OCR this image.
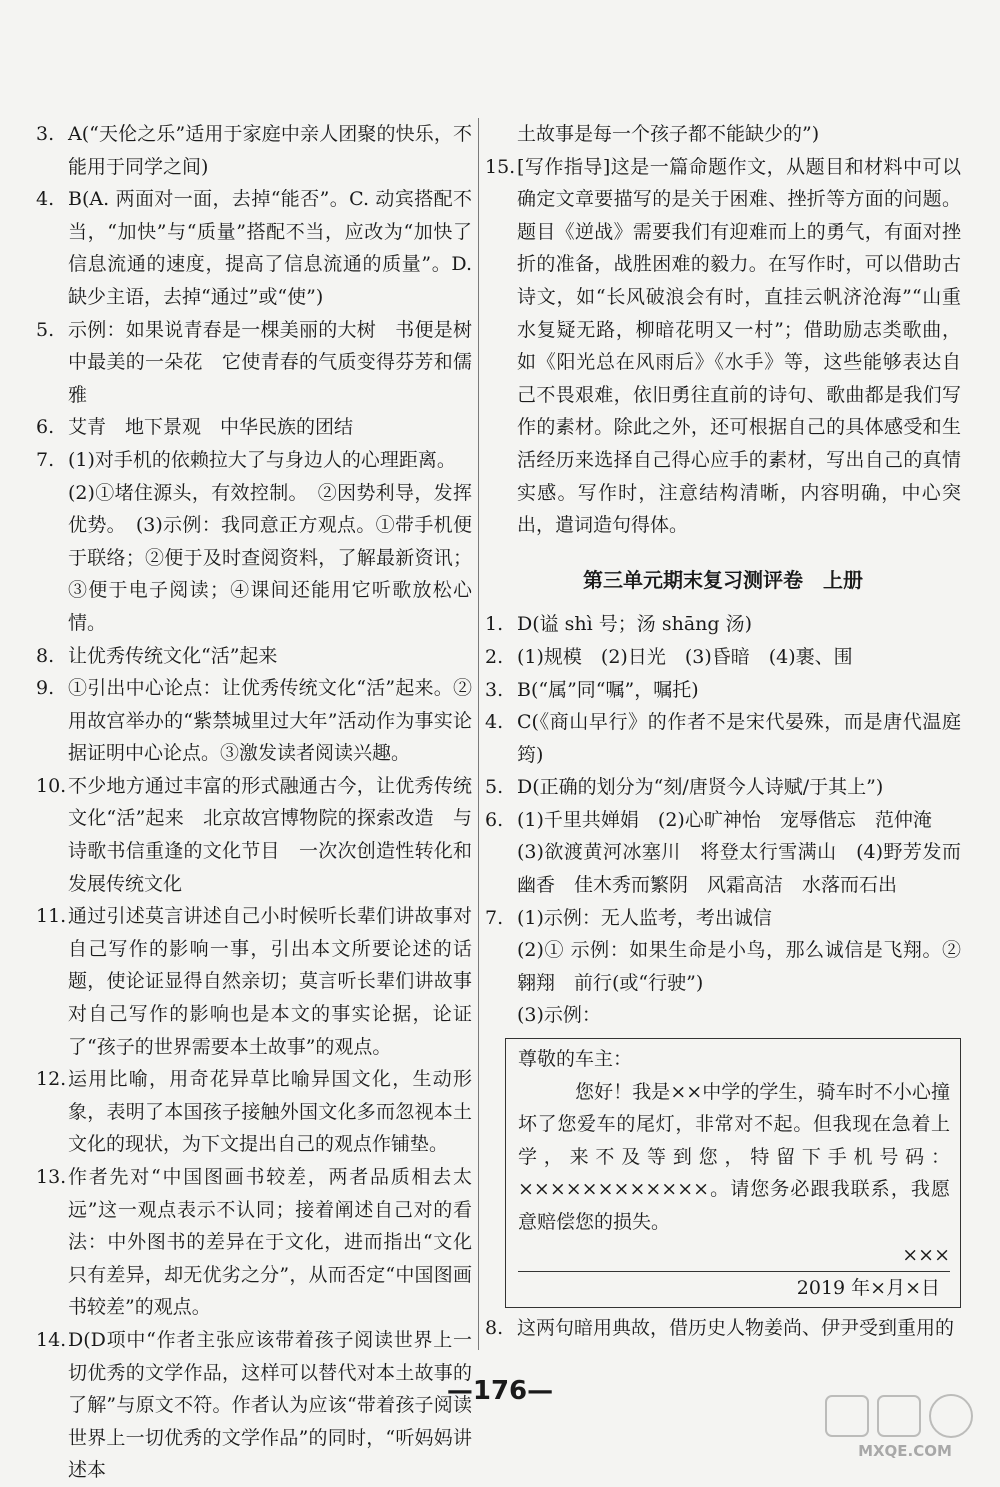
3. A(“天伦之乐”适用于家庭中亲人团聚的快乐，不能用于同学之间)
4. B(A. 两面对一面，去掉“能否”。C. 动宾搭配不当，“加快”与“质量”搭配不当，应改为“加快了信息流通的速度，提高了信息流通的质量”。D. 缺少主语，去掉“通过”或“使”)
5. 示例：如果说青春是一棵美丽的大树　书便是树中最美的一朵花　它使青春的气质变得芬芳和儒雅
6. 艾青　地下景观　中华民族的团结
7. (1)对手机的依赖拉大了与身边人的心理距离。
(2)①堵住源头，有效控制。　②因势利导，发挥优势。　(3)示例：我同意正方观点。①带手机便于联络；②便于及时查阅资料，了解最新资讯；③便于电子阅读；④课间还能用它听歌放松心情。
8. 让优秀传统文化“活”起来
9. ①引出中心论点：让优秀传统文化“活”起来。②用故宫举办的“紫禁城里过大年”活动作为事实论据证明中心论点。③激发读者阅读兴趣。
10. 不少地方通过丰富的形式融通古今，让优秀传统文化“活”起来　北京故宫博物院的探索改造　与诗歌书信重逢的文化节目　一次次创造性转化和发展传统文化
11. 通过引述莫言讲述自己小时候听长辈们讲故事对自己写作的影响一事，引出本文所要论述的话题，使论证显得自然亲切；莫言听长辈们讲故事对自己写作的影响也是本文的事实论据，论证了“孩子的世界需要本土故事”的观点。
12. 运用比喻，用奇花异草比喻异国文化，生动形象，表明了本国孩子接触外国文化多而忽视本土文化的现状，为下文提出自己的观点作铺垫。
13. 作者先对“中国图画书较差，两者品质相去太远”这一观点表示不认同；接着阐述自己对的看法：中外图书的差异在于文化，进而指出“文化只有差异，却无优劣之分”，从而否定“中国图画书较差”的观点。
14. D(D项中“作者主张应该带着孩子阅读世界上一切优秀的文学作品，这样可以替代对本土故事的了解”与原文不符。作者认为应该“带着孩子阅读世界上一切优秀的文学作品”的同时，“听妈妈讲述本
土故事是每一个孩子都不能缺少的”)
15. [写作指导]这是一篇命题作文，从题目和材料中可以确定文章要描写的是关于困难、挫折等方面的问题。题目《逆战》需要我们有迎难而上的勇气，有面对挫折的准备，战胜困难的毅力。在写作时，可以借助古诗文，如“长风破浪会有时，直挂云帆济沧海”“山重水复疑无路，柳暗花明又一村”；借助励志类歌曲，如《阳光总在风雨后》《水手》等，这些能够表达自己不畏艰难，依旧勇往直前的诗句、歌曲都是我们写作的素材。除此之外，还可根据自己的具体感受和生活经历来选择自己得心应手的素材，写出自己的真情实感。写作时，注意结构清晰，内容明确，中心突出，遣词造句得体。
第三单元期末复习测评卷　上册
1. D(谥 shì 号；汤 shāng 汤)
2. (1)规模　(2)日光　(3)昏暗　(4)裹、围
3. B(“属”同“嘱”，嘱托)
4. C(《商山早行》的作者不是宋代晏殊，而是唐代温庭筠)
5. D(正确的划分为“刻/唐贤今人诗赋/于其上”)
6. (1)千里共婵娟　(2)心旷神怡　宠辱偕忘　范仲淹
(3)欲渡黄河冰塞川　将登太行雪满山　(4)野芳发而幽香　佳木秀而繁阴　风霜高洁　水落而石出
7. (1)示例：无人监考，考出诚信
(2)① 示例：如果生命是小鸟，那么诚信是飞翔。②翱翔　前行(或“行驶”)
(3)示例：

尊敬的车主：

您好！我是××中学的学生，骑车时不小心撞坏了您爱车的尾灯，非常对不起。但我现在急着上学，来不及等到您，特留下手机号码：××××××××××××。请您务必跟我联系，我愿意赔偿您的损失。

×××

2019 年×月×日

8. 这两句暗用典故，借历史人物姜尚、伊尹受到重用的
—176—
MXQE.COM
